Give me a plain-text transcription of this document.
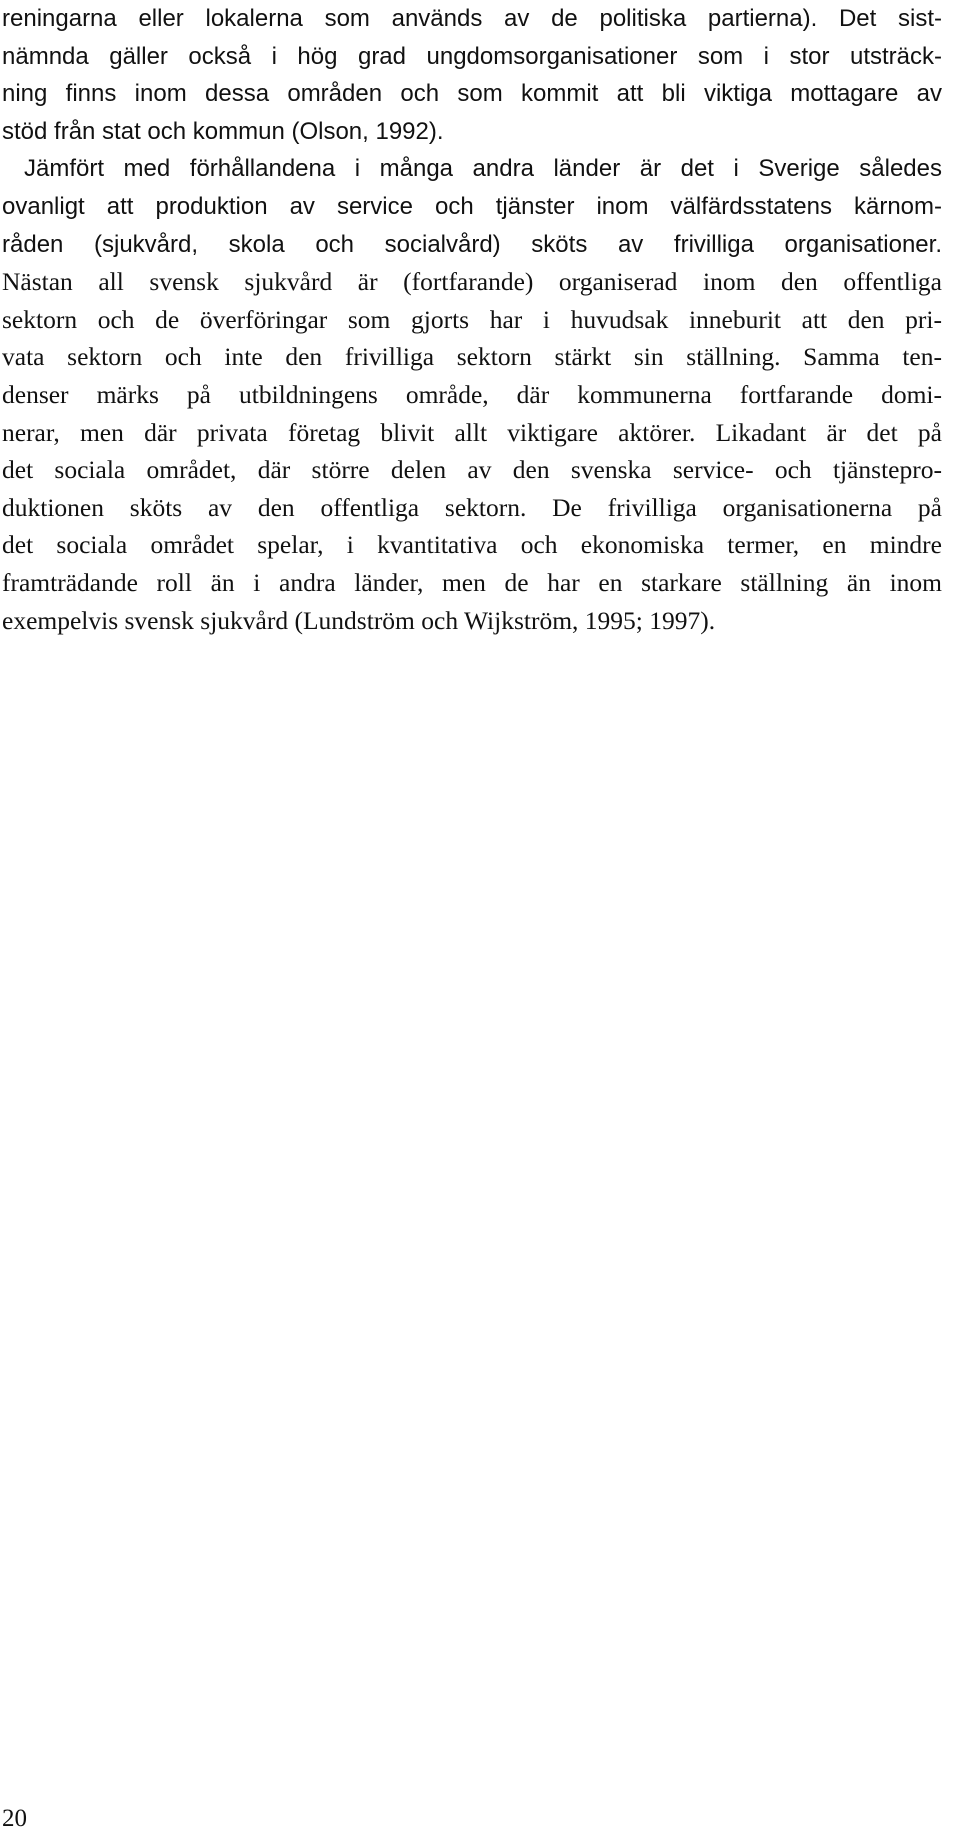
reningarna eller lokalerna som används av de politiska partierna). Det sist-
nämnda gäller också i hög grad ungdomsorganisationer som i stor utsträck-
ning finns inom dessa områden och som kommit att bli viktiga mottagare av
stöd från stat och kommun (Olson, 1992).
Jämfört med förhållandena i många andra länder är det i Sverige således
ovanligt att produktion av service och tjänster inom välfärdsstatens kärnom-
råden (sjukvård, skola och socialvård) sköts av frivilliga organisationer.
Nästan all svensk sjukvård är (fortfarande) organiserad inom den offentliga
sektorn och de överföringar som gjorts har i huvudsak inneburit att den pri-
vata sektorn och inte den frivilliga sektorn stärkt sin ställning. Samma ten-
denser märks på utbildningens område, där kommunerna fortfarande domi-
nerar, men där privata företag blivit allt viktigare aktörer. Likadant är det på
det sociala området, där större delen av den svenska service- och tjänstepro-
duktionen sköts av den offentliga sektorn. De frivilliga organisationerna på
det sociala området spelar, i kvantitativa och ekonomiska termer, en mindre
framträdande roll än i andra länder, men de har en starkare ställning än inom
exempelvis svensk sjukvård (Lundström och Wijkström, 1995; 1997).
20
